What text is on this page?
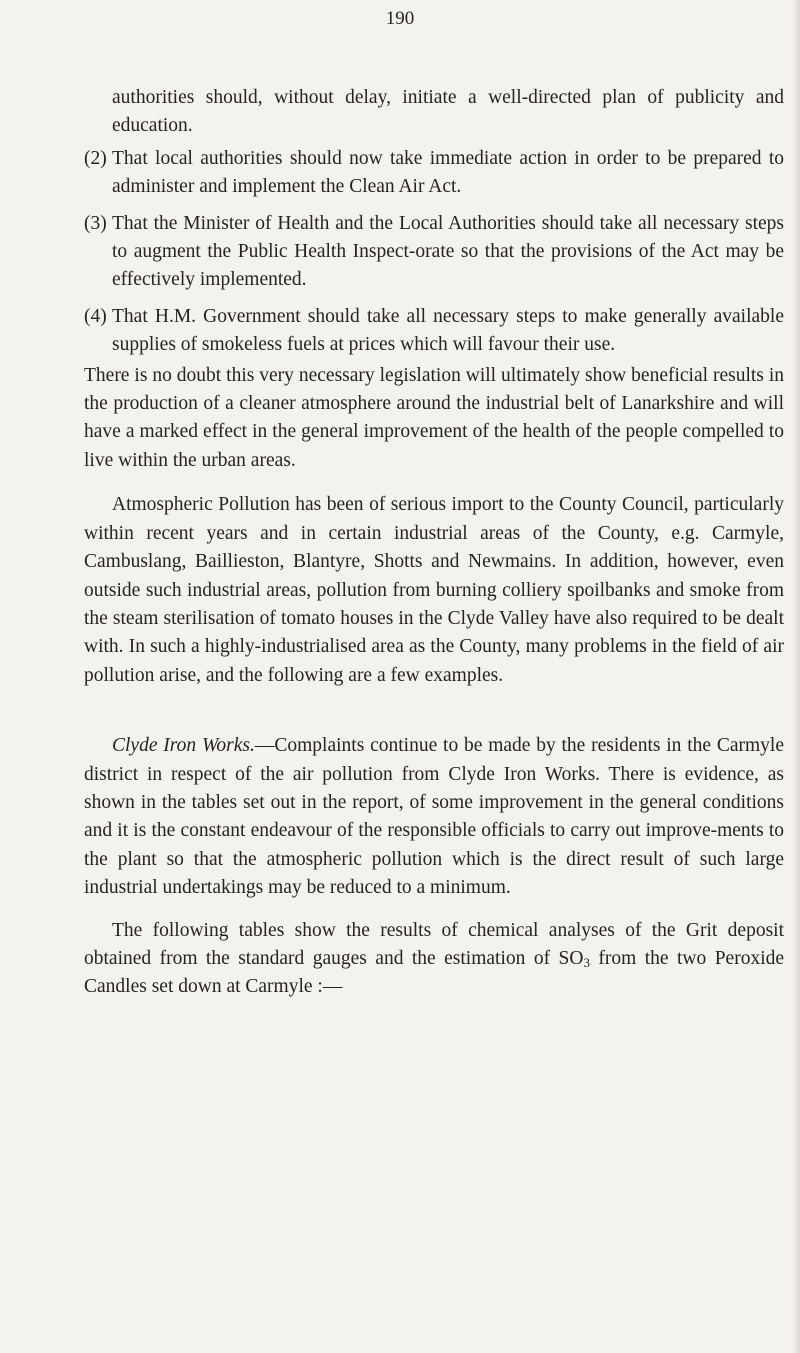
190

authorities should, without delay, initiate a well-directed plan of publicity and education.

(2) That local authorities should now take immediate action in order to be prepared to administer and implement the Clean Air Act.
(3) That the Minister of Health and the Local Authorities should take all necessary steps to augment the Public Health Inspect-orate so that the provisions of the Act may be effectively implemented.
(4) That H.M. Government should take all necessary steps to make generally available supplies of smokeless fuels at prices which will favour their use.

There is no doubt this very necessary legislation will ultimately show beneficial results in the production of a cleaner atmosphere around the industrial belt of Lanarkshire and will have a marked effect in the general improvement of the health of the people compelled to live within the urban areas.

Atmospheric Pollution has been of serious import to the County Council, particularly within recent years and in certain industrial areas of the County, e.g. Carmyle, Cambuslang, Baillieston, Blantyre, Shotts and Newmains. In addition, however, even outside such industrial areas, pollution from burning colliery spoilbanks and smoke from the steam sterilisation of tomato houses in the Clyde Valley have also required to be dealt with. In such a highly-industrialised area as the County, many problems in the field of air pollution arise, and the following are a few examples.

Clyde Iron Works.—Complaints continue to be made by the residents in the Carmyle district in respect of the air pollution from Clyde Iron Works. There is evidence, as shown in the tables set out in the report, of some improvement in the general conditions and it is the constant endeavour of the responsible officials to carry out improve-ments to the plant so that the atmospheric pollution which is the direct result of such large industrial undertakings may be reduced to a minimum.

The following tables show the results of chemical analyses of the Grit deposit obtained from the standard gauges and the estimation of $SO_3$ from the two Peroxide Candles set down at Carmyle :—
